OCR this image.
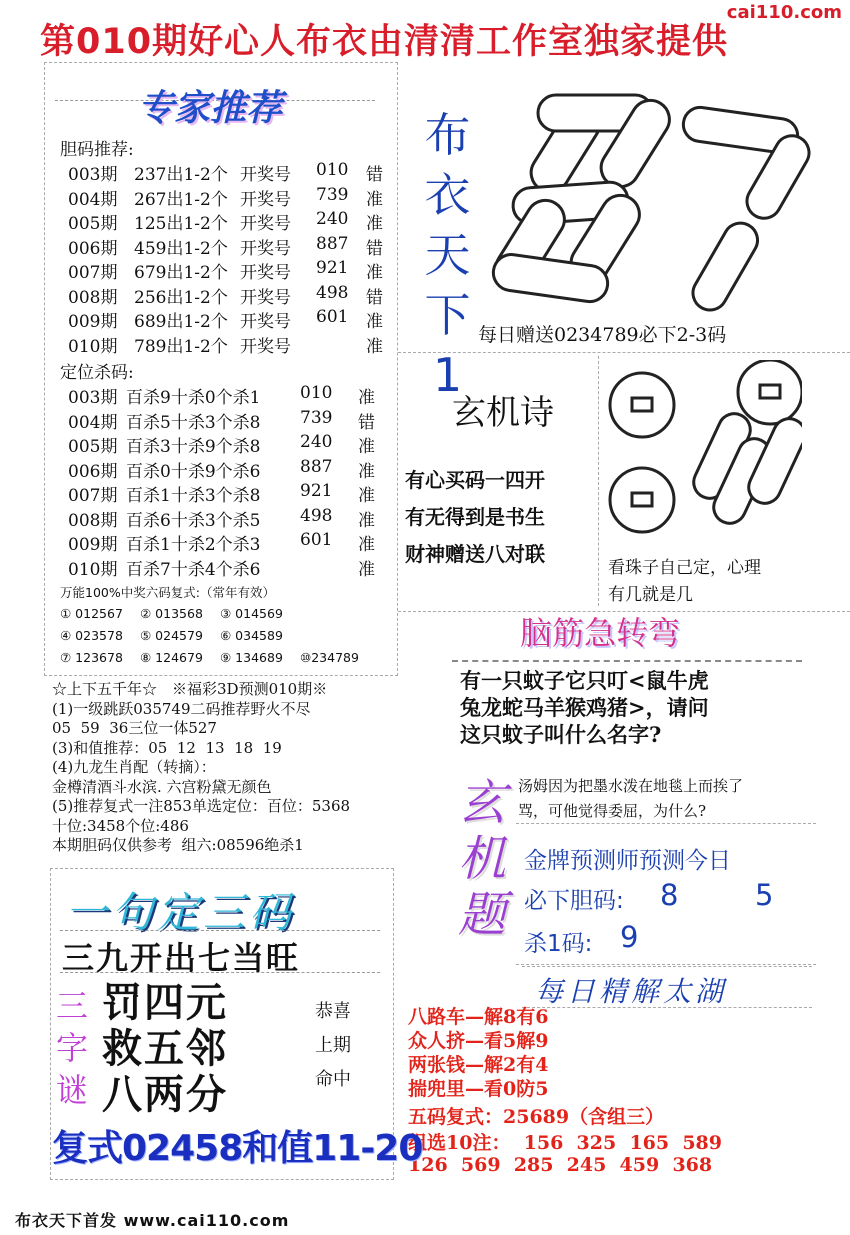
第010期好心人布衣由清清工作室独家提供
cai110.com
专家推荐
胆码推荐:
003期 237出1-2个 开奖号 010 错
004期 267出1-2个 开奖号 739 准
005期 125出1-2个 开奖号 240 准
006期 459出1-2个 开奖号 887 错
007期 679出1-2个 开奖号 921 准
008期 256出1-2个 开奖号 498 错
009期 689出1-2个 开奖号 601 准
010期 789出1-2个 开奖号	准
定位杀码:
003期 百杀9十杀0个杀1 010 准
004期 百杀5十杀3个杀8 739 错
005期 百杀3十杀9个杀8 240 准
006期 百杀0十杀9个杀6 887 准
007期 百杀1十杀3个杀8 921 准
008期 百杀6十杀3个杀5 498 准
009期 百杀1十杀2个杀3 601 准
010期 百杀7十杀4个杀6	准
万能100%中奖六码复式:（常年有效）
① 012567 ② 013568 ③ 014569
④ 023578 ⑤ 024579 ⑥ 034589
⑦ 123678 ⑧ 124679 ⑨ 134689 ⑩234789
布
衣
天
下
1
每日赠送0234789必下2-3码
玄机诗
有心买码一四开
有无得到是书生
财神赠送八对联
看珠子自己定，心理
有几就是几
脑筋急转弯
有一只蚊子它只叮<鼠牛虎
兔龙蛇马羊猴鸡猪>，请问
这只蚊子叫什么名字?
☆上下五千年☆　※福彩3D预测010期※
(1)一级跳跃035749二码推荐野火不尽
05  59  36三位一体527
(3)和值推荐：05  12  13  18  19
(4)九龙生肖配（转摘）：
金樽清酒斗水滨. 六宫粉黛无颜色
(5)推荐复式一注853单选定位：百位：5368
十位:3458个位:486
本期胆码仅供参考  组六:08596绝杀1
玄
机
题
汤姆因为把墨水泼在地毯上而挨了
骂，可他觉得委屈，为什么?
金牌预测师预测今日
必下胆码: 8	5
杀1码: 9
每日精解太湖
八路车—解8有6
众人挤—看5解9
两张钱—解2有4
揣兜里—看0防5
五码复式：25689（含组三）
组选10注：  156  325  165  589
126  569  285  245  459  368
一句定三码
三九开出七当旺
三
字
谜
罚四元
救五邻
八两分
恭喜
上期
命中
复式02458和值11-20
布衣天下首发 www.cai110.com
